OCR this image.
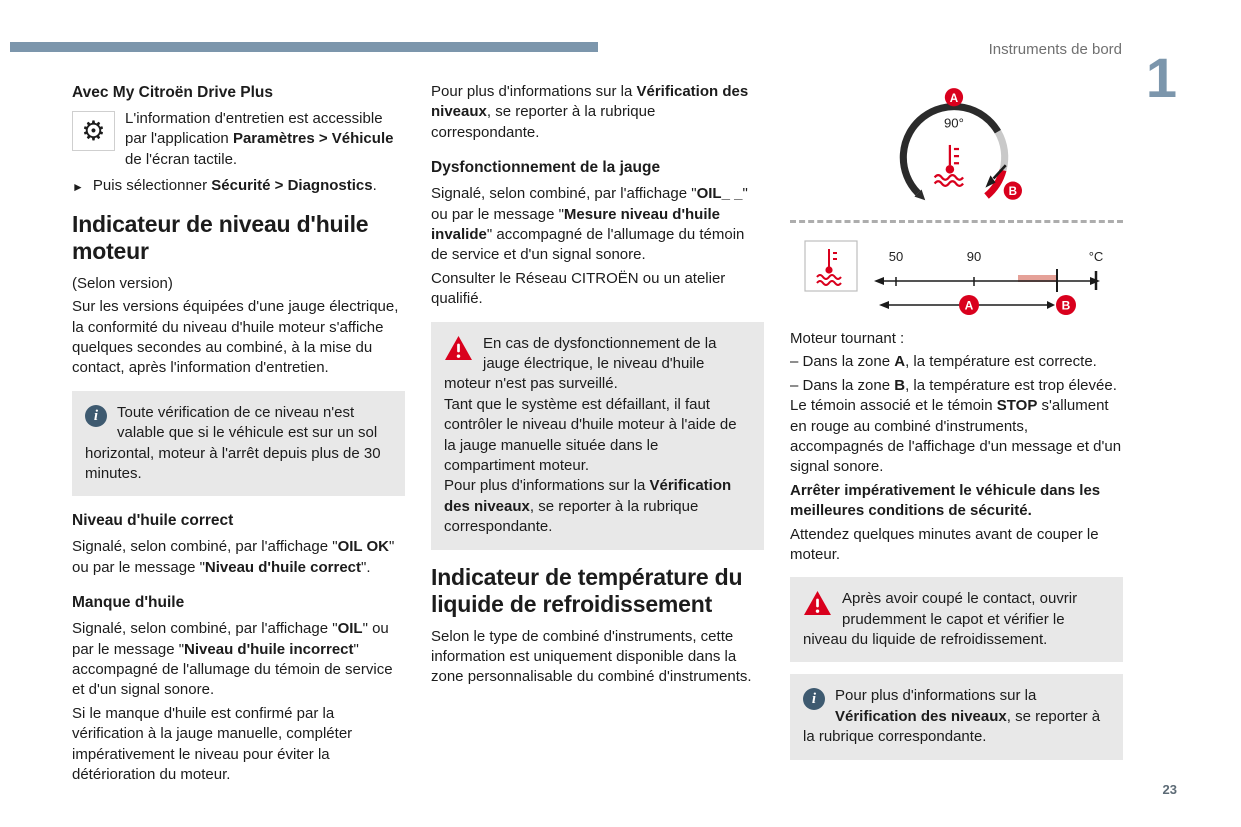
Instruments de bord 1
Avec My Citroën Drive Plus
⚙ L'information d'entretien est accessible par l'application Paramètres > Véhicule de l'écran tactile.
► Puis sélectionner Sécurité > Diagnostics.
Indicateur de niveau d'huile moteur

(Selon version)

Sur les versions équipées d'une jauge électrique, la conformité du niveau d'huile moteur s'affiche quelques secondes au combiné, à la mise du contact, après l'information d'entretien.

i	Toute vérification de ce niveau n'est valable que si le véhicule est sur un sol horizontal, moteur à l'arrêt depuis plus de 30 minutes.

Niveau d'huile correct

Signalé, selon combiné, par l'affichage "OIL OK" ou par le message "Niveau d'huile correct".

Manque d'huile

Signalé, selon combiné, par l'affichage "OIL" ou par le message "Niveau d'huile incorrect" accompagné de l'allumage du témoin de service et d'un signal sonore.

Si le manque d'huile est confirmé par la vérification à la jauge manuelle, compléter impérativement le niveau pour éviter la détérioration du moteur.

Pour plus d'informations sur la Vérification des niveaux, se reporter à la rubrique correspondante.

Dysfonctionnement de la jauge

Signalé, selon combiné, par l'affichage "OIL_ _" ou par le message "Mesure niveau d'huile invalide" accompagné de l'allumage du témoin de service et d'un signal sonore.

Consulter le Réseau CITROËN ou un atelier qualifié.

En cas de dysfonctionnement de la jauge électrique, le niveau d'huile moteur n'est pas surveillé.

Tant que le système est défaillant, il faut contrôler le niveau d'huile moteur à l'aide de la jauge manuelle située dans le compartiment moteur.

Pour plus d'informations sur la Vérification des niveaux, se reporter à la rubrique correspondante.

Indicateur de température du liquide de refroidissement

Selon le type de combiné d'instruments, cette information est uniquement disponible dans la zone personnalisable du combiné d'instruments.

90°
A
B
50	90	°C
A	B

Moteur tournant :

– Dans la zone A, la température est correcte.

– Dans la zone B, la température est trop élevée. Le témoin associé et le témoin STOP s'allument en rouge au combiné d'instruments, accompagnés de l'affichage d'un message et d'un signal sonore.

Arrêter impérativement le véhicule dans les meilleures conditions de sécurité.

Attendez quelques minutes avant de couper le moteur.

Après avoir coupé le contact, ouvrir prudemment le capot et vérifier le niveau du liquide de refroidissement.

i	Pour plus d'informations sur la Vérification des niveaux, se reporter à la rubrique correspondante.

23
